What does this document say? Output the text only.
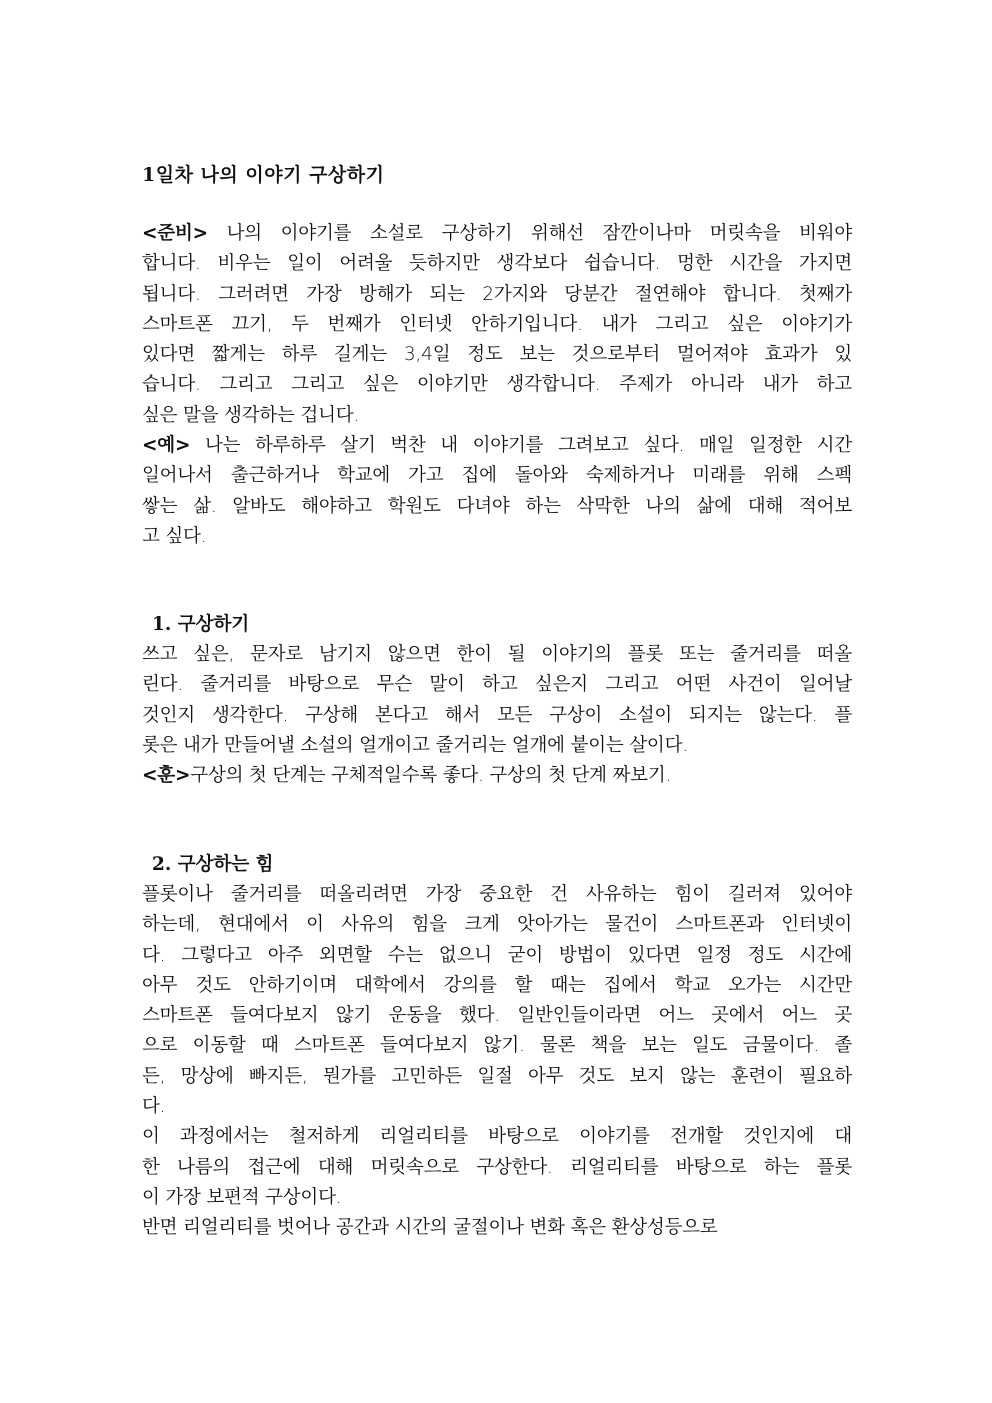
1일차 나의 이야기 구상하기
<준비> 나의 이야기를 소설로 구상하기 위해선 잠깐이나마 머릿속을 비워야
합니다. 비우는 일이 어려울 듯하지만 생각보다 쉽습니다. 멍한 시간을 가지면
됩니다. 그러려면 가장 방해가 되는 2가지와 당분간 절연해야 합니다. 첫째가
스마트폰 끄기, 두 번째가 인터넷 안하기입니다. 내가 그리고 싶은 이야기가
있다면 짧게는 하루 길게는 3,4일 정도 보는 것으로부터 멀어져야 효과가 있
습니다. 그리고 그리고 싶은 이야기만 생각합니다. 주제가 아니라 내가 하고
싶은 말을 생각하는 겁니다.
<예> 나는 하루하루 살기 벅찬 내 이야기를 그려보고 싶다. 매일 일정한 시간
일어나서 출근하거나 학교에 가고 집에 돌아와 숙제하거나 미래를 위해 스펙
쌓는 삶. 알바도 해야하고 학원도 다녀야 하는 삭막한 나의 삶에 대해 적어보
고 싶다.
1. 구상하기
쓰고 싶은, 문자로 남기지 않으면 한이 될 이야기의 플롯 또는 줄거리를 떠올
린다. 줄거리를 바탕으로 무슨 말이 하고 싶은지 그리고 어떤 사건이 일어날
것인지 생각한다. 구상해 본다고 해서 모든 구상이 소설이 되지는 않는다. 플
롯은 내가 만들어낼 소설의 얼개이고 줄거리는 얼개에 붙이는 살이다.
<훈>구상의 첫 단계는 구체적일수록 좋다. 구상의 첫 단계 짜보기.
2. 구상하는 힘
플롯이나 줄거리를 떠올리려면 가장 중요한 건 사유하는 힘이 길러져 있어야
하는데, 현대에서 이 사유의 힘을 크게 앗아가는 물건이 스마트폰과 인터넷이
다. 그렇다고 아주 외면할 수는 없으니 굳이 방법이 있다면 일정 정도 시간에
아무 것도 안하기이며 대학에서 강의를 할 때는 집에서 학교 오가는 시간만
스마트폰 들여다보지 않기 운동을 했다. 일반인들이라면 어느 곳에서 어느 곳
으로 이동할 때 스마트폰 들여다보지 않기. 물론 책을 보는 일도 금물이다. 졸
든, 망상에 빠지든, 뭔가를 고민하든 일절 아무 것도 보지 않는 훈련이 필요하
다.
이 과정에서는 철저하게 리얼리티를 바탕으로 이야기를 전개할 것인지에 대
한 나름의 접근에 대해 머릿속으로 구상한다. 리얼리티를 바탕으로 하는 플롯
이 가장 보편적 구상이다.
반면 리얼리티를 벗어나 공간과 시간의 굴절이나 변화 혹은 환상성등으로
